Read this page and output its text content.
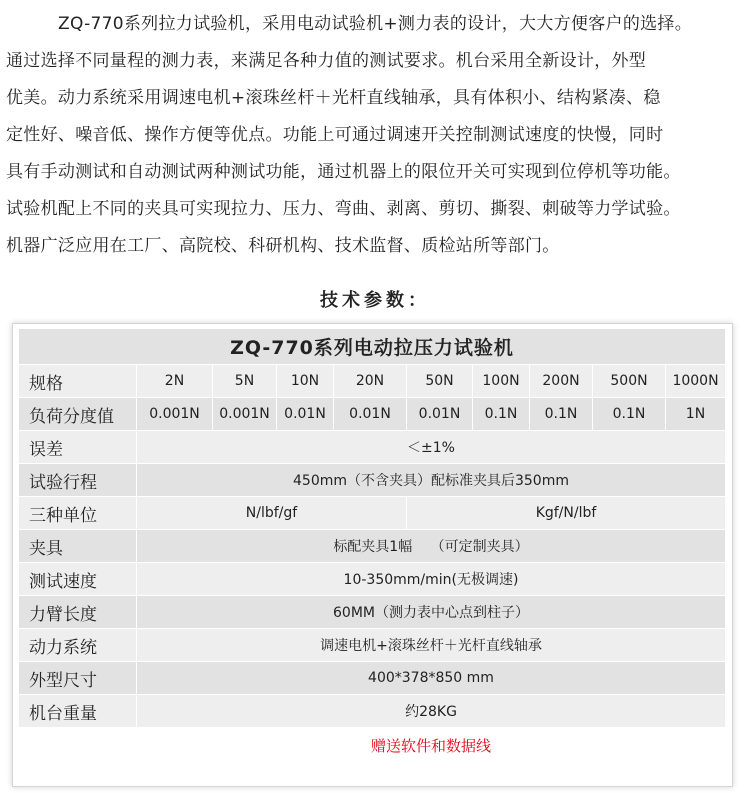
ZQ-770系列拉力试验机，采用电动试验机+测力表的设计，大大方便客户的选择。

通过选择不同量程的测力表，来满足各种力值的测试要求。机台采用全新设计，外型

优美。动力系统采用调速电机+滚珠丝杆＋光杆直线轴承，具有体积小、结构紧凑、稳

定性好、噪音低、操作方便等优点。功能上可通过调速开关控制测试速度的快慢，同时

具有手动测试和自动测试两种测试功能，通过机器上的限位开关可实现到位停机等功能。

试验机配上不同的夹具可实现拉力、压力、弯曲、剥离、剪切、撕裂、刺破等力学试验。

机器广泛应用在工厂、高院校、科研机构、技术监督、质检站所等部门。

技术参数：
ZQ-770系列电动拉压力试验机									
规格	2N	5N	10N	20N	50N	100N	200N	500N	1000N
负荷分度值	0.001N	0.001N	0.01N	0.01N	0.01N	0.1N	0.1N	0.1N	1N
误差	＜±1%								
试验行程	450mm（不含夹具）配标准夹具后350mm								
三种单位	N/lbf/gf				Kgf/N/lbf				
夹具	标配夹具1幅　 （可定制夹具）								
测试速度	10-350mm/min(无极调速)								
力臂长度	60MM（测力表中心点到柱子）								
动力系统	调速电机+滚珠丝杆＋光杆直线轴承								
外型尺寸	400*378*850 mm								
机台重量	约28KG								
	赠送软件和数据线								
